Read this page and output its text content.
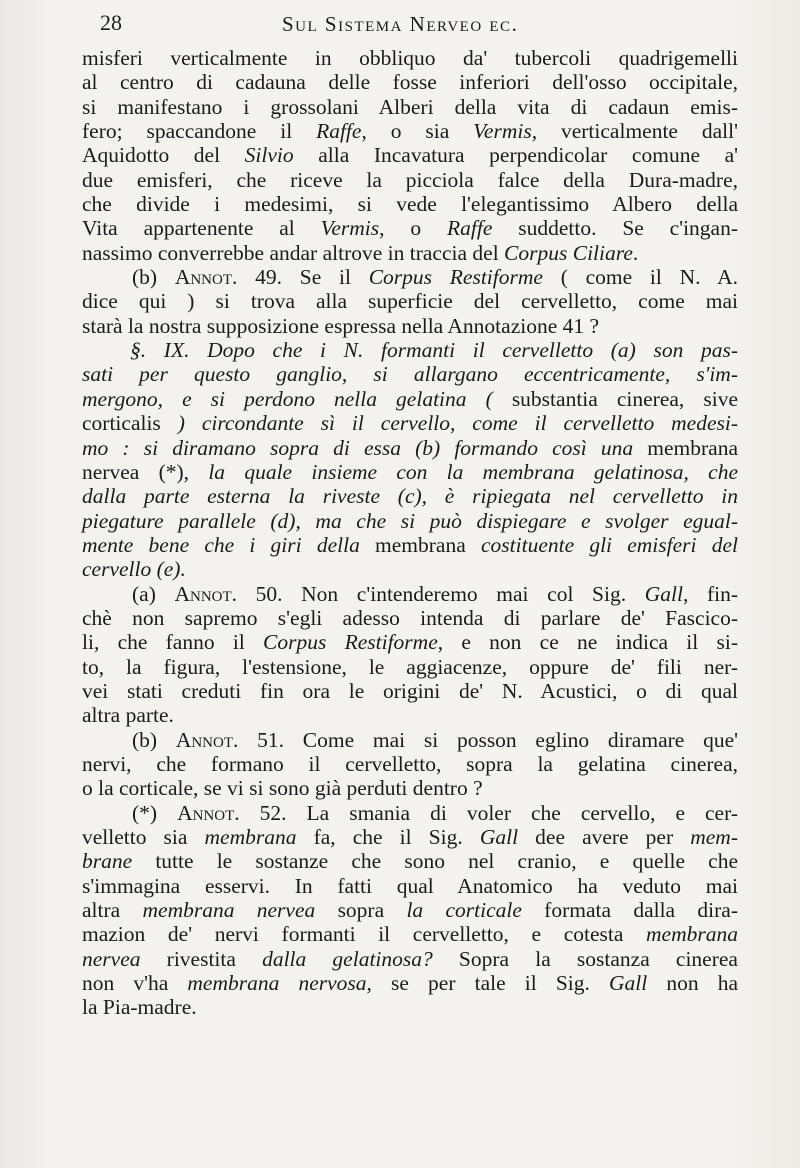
28	Sul Sistema Nerveo ec.
misferi verticalmente in obbliquo da' tubercoli quadrigemelli
al centro di cadauna delle fosse inferiori dell'osso occipitale,
si manifestano i grossolani Alberi della vita di cadaun emis-
fero; spaccandone il Raffe, o sia Vermis, verticalmente dall'
Aquidotto del Silvio alla Incavatura perpendicolar comune a'
due emisferi, che riceve la picciola falce della Dura-madre,
che divide i medesimi, si vede l'elegantissimo Albero della
Vita appartenente al Vermis, o Raffe suddetto. Se c'ingan-
nassimo converrebbe andar altrove in traccia del Corpus Ciliare.
(b) Annot. 49. Se il Corpus Restiforme ( come il N. A.
dice qui ) si trova alla superficie del cervelletto, come mai
starà la nostra supposizione espressa nella Annotazione 41 ?
§. IX. Dopo che i N. formanti il cervelletto (a) son pas-
sati per questo ganglio, si allargano eccentricamente, s'im-
mergono, e si perdono nella gelatina ( substantia cinerea, sive
corticalis ) circondante sì il cervello, come il cervelletto medesi-
mo : si diramano sopra di essa (b) formando così una membrana
nervea (*), la quale insieme con la membrana gelatinosa, che
dalla parte esterna la riveste (c), è ripiegata nel cervelletto in
piegature parallele (d), ma che si può dispiegare e svolger egual-
mente bene che i giri della membrana costituente gli emisferi del
cervello (e).
(a) Annot. 50. Non c'intenderemo mai col Sig. Gall, fin-
chè non sapremo s'egli adesso intenda di parlare de' Fascico-
li, che fanno il Corpus Restiforme, e non ce ne indica il si-
to, la figura, l'estensione, le aggiacenze, oppure de' fili ner-
vei stati creduti fin ora le origini de' N. Acustici, o di qual
altra parte.
(b) Annot. 51. Come mai si posson eglino diramare que'
nervi, che formano il cervelletto, sopra la gelatina cinerea,
o la corticale, se vi si sono già perduti dentro ?
(*) Annot. 52. La smania di voler che cervello, e cer-
velletto sia membrana fa, che il Sig. Gall dee avere per mem-
brane tutte le sostanze che sono nel cranio, e quelle che
s'immagina esservi. In fatti qual Anatomico ha veduto mai
altra membrana nervea sopra la corticale formata dalla dira-
mazion de' nervi formanti il cervelletto, e cotesta membrana
nervea rivestita dalla gelatinosa? Sopra la sostanza cinerea
non v'ha membrana nervosa, se per tale il Sig. Gall non ha
la Pia-madre.
